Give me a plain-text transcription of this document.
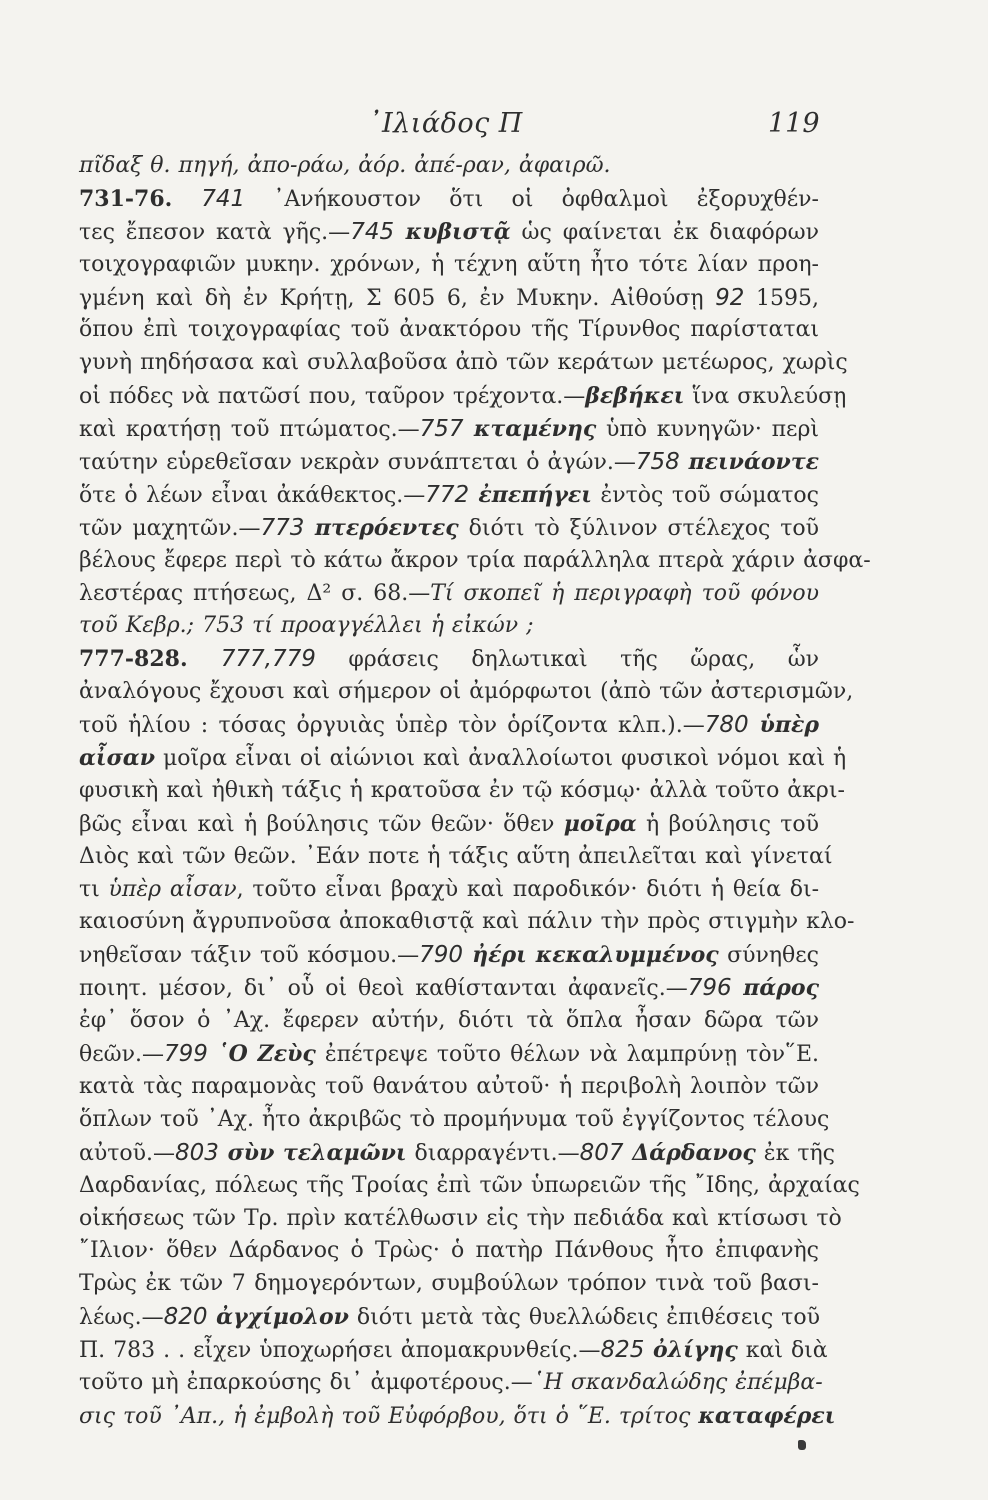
᾽Ιλιάδος Π	119
πῖδαξ θ. πηγή, ἀπο-ράω, ἀόρ. ἀπέ-ραν, ἀφαιρῶ.
731-76. 741 ᾽Ανήκουστον ὅτι οἱ ὀφθαλμοὶ ἐξορυχθέν-
τες ἔπεσον κατὰ γῆς.—745 κυβιστᾷ ὡς φαίνεται ἐκ διαφόρων
τοιχογραφιῶν μυκην. χρόνων, ἡ τέχνη αὕτη ἦτο τότε λίαν προη-
γμένη καὶ δὴ ἐν Κρήτῃ, Σ 605 6, ἐν Μυκην. Αἰθούσῃ 92 1595,
ὅπου ἐπὶ τοιχογραφίας τοῦ ἀνακτόρου τῆς Τίρυνθος παρίσταται
γυνὴ πηδήσασα καὶ συλλαβοῦσα ἀπὸ τῶν κεράτων μετέωρος, χωρὶς
οἱ πόδες νὰ πατῶσί που, ταῦρον τρέχοντα.—βεβήκει ἵνα σκυλεύσῃ
καὶ κρατήσῃ τοῦ πτώματος.—757 κταμένης ὑπὸ κυνηγῶν· περὶ
ταύτην εὑρεθεῖσαν νεκρὰν συνάπτεται ὁ ἀγών.—758 πεινάοντε
ὅτε ὁ λέων εἶναι ἀκάθεκτος.—772 ἐπεπήγει ἐντὸς τοῦ σώματος
τῶν μαχητῶν.—773 πτερόεντες διότι τὸ ξύλινον στέλεχος τοῦ
βέλους ἔφερε περὶ τὸ κάτω ἄκρον τρία παράλληλα πτερὰ χάριν ἀσφα-
λεστέρας πτήσεως, Δ² σ. 68.—Τί σκοπεῖ ἡ περιγραφὴ τοῦ φόνου
τοῦ Κεβρ.; 753 τί προαγγέλλει ἡ εἰκών ;
777-828. 777,779 φράσεις δηλωτικαὶ τῆς ὥρας, ὧν
ἀναλόγους ἔχουσι καὶ σήμερον οἱ ἀμόρφωτοι (ἀπὸ τῶν ἀστερισμῶν,
τοῦ ἡλίου : τόσας ὀργυιὰς ὑπὲρ τὸν ὁρίζοντα κλπ.).—780 ὑπὲρ
αἶσαν μοῖρα εἶναι οἱ αἰώνιοι καὶ ἀναλλοίωτοι φυσικοὶ νόμοι καὶ ἡ
φυσικὴ καὶ ἠθικὴ τάξις ἡ κρατοῦσα ἐν τῷ κόσμῳ· ἀλλὰ τοῦτο ἀκρι-
βῶς εἶναι καὶ ἡ βούλησις τῶν θεῶν· ὅθεν μοῖρα ἡ βούλησις τοῦ
Διὸς καὶ τῶν θεῶν. ᾽Εάν ποτε ἡ τάξις αὕτη ἀπειλεῖται καὶ γίνεταί
τι ὑπὲρ αἶσαν, τοῦτο εἶναι βραχὺ καὶ παροδικόν· διότι ἡ θεία δι-
καιοσύνη ἄγρυπνοῦσα ἀποκαθιστᾷ καὶ πάλιν τὴν πρὸς στιγμὴν κλο-
νηθεῖσαν τάξιν τοῦ κόσμου.—790 ἠέρι κεκαλυμμένος σύνηθες
ποιητ. μέσον, δι᾽ οὗ οἱ θεοὶ καθίστανται ἀφανεῖς.—796 πάρος
ἐφ᾽ ὅσον ὁ ᾽Αχ. ἔφερεν αὐτήν, διότι τὰ ὅπλα ἦσαν δῶρα τῶν
θεῶν.—799 ῾Ο Ζεὺς ἐπέτρεψε τοῦτο θέλων νὰ λαμπρύνῃ τὸν῞Ε.
κατὰ τὰς παραμονὰς τοῦ θανάτου αὐτοῦ· ἡ περιβολὴ λοιπὸν τῶν
ὅπλων τοῦ ᾽Αχ. ἦτο ἀκριβῶς τὸ προμήνυμα τοῦ ἐγγίζοντος τέλους
αὐτοῦ.—803 σὺν τελαμῶνι διαρραγέντι.—807 Δάρδανος ἐκ τῆς
Δαρδανίας, πόλεως τῆς Τροίας ἐπὶ τῶν ὑπωρειῶν τῆς ῎Ιδης, ἀρχαίας
οἰκήσεως τῶν Τρ. πρὶν κατέλθωσιν εἰς τὴν πεδιάδα καὶ κτίσωσι τὸ
῎Ιλιον· ὅθεν Δάρδανος ὁ Τρὼς· ὁ πατὴρ Πάνθους ἦτο ἐπιφανὴς
Τρὼς ἐκ τῶν 7 δημογερόντων, συμβούλων τρόπον τινὰ τοῦ βασι-
λέως.—820 ἀγχίμολον διότι μετὰ τὰς θυελλώδεις ἐπιθέσεις τοῦ
Π. 783 . . εἶχεν ὑποχωρήσει ἀπομακρυνθείς.—825 ὀλίγης καὶ διὰ
τοῦτο μὴ ἐπαρκούσης δι᾽ ἀμφοτέρους.—῾Η σκανδαλώδης ἐπέμβα-
σις τοῦ ᾽Απ., ἡ ἐμβολὴ τοῦ Εὐφόρβου, ὅτι ὁ ῞Ε. τρίτος καταφέρει
